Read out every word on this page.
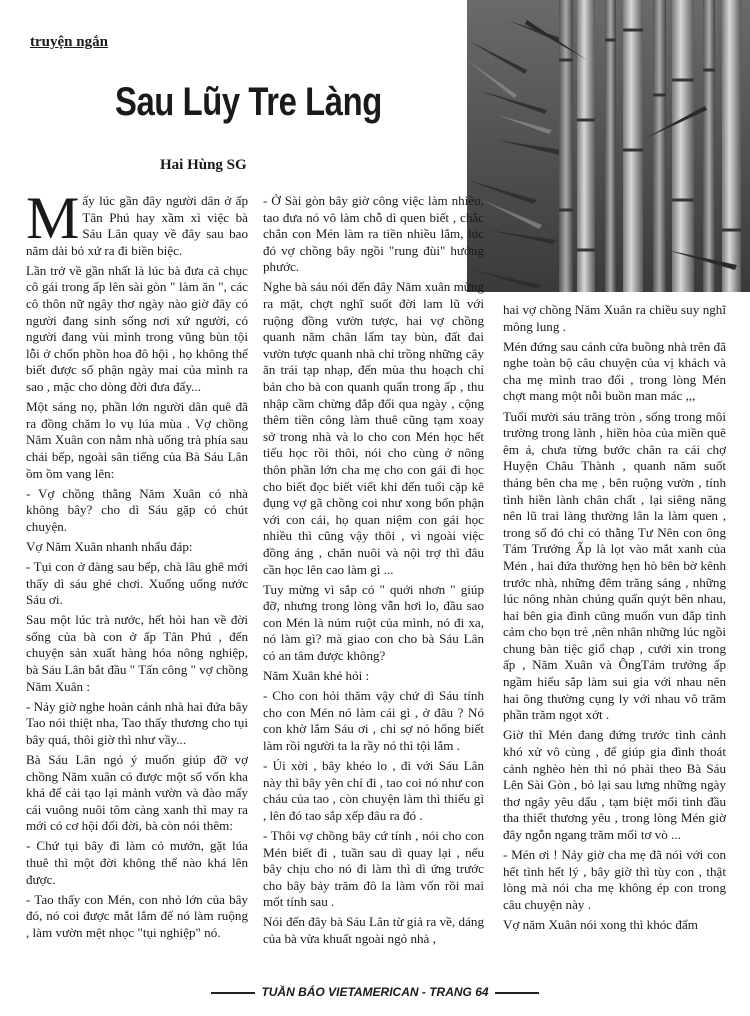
truyện ngắn
Sau Lũy Tre Làng
Hai Hùng SG

Mấy lúc gần đây người dân ở ấp Tân Phú hay xầm xì việc bà Sáu Lân quay về đây sau bao năm dài bỏ xứ ra đi biền biệc.

Lần trở về gần nhất là lúc bà đưa cả chục cô gái trong ấp lên sài gòn " làm ăn ", các cô thôn nữ ngây thơ ngày nào giờ đây có người đang sinh sống nơi xứ người, có người đang vùi mình trong vũng bùn tội lỗi ở chốn phồn hoa đô hội , họ không thể biết được số phận ngày mai của mình ra sao , mặc cho dòng đời đưa đẩy...

Một sáng nọ, phần lớn người dân quê đã ra đồng chăm lo vụ lúa mùa . Vợ chồng Năm Xuân con nằm nhà uống trà phía sau chái bếp, ngoài sân tiếng của Bà Sáu Lân ồm ồm vang lên:

- Vợ chồng thằng Năm Xuân có nhà không bây? cho dì Sáu gặp có chút chuyện.

Vợ Năm Xuân nhanh nhẩu đáp:

- Tụi con ở đàng sau bếp, chà lâu ghê mới thấy dì sáu ghé chơi. Xuống uống nước Sáu ơi.

Sau một lúc trà nước, hết hỏi han về đời sống của bà con ở ấp Tân Phú , đến chuyện sản xuất hàng hóa nông nghiệp, bà Sáu Lân bắt đầu " Tấn công " vợ chồng Năm Xuân :

- Nảy giờ nghe hoàn cảnh nhà hai đứa bây Tao nói thiệt nha, Tao thấy thương cho tụi bây quá, thôi giờ thì như vầy...

Bà Sáu Lân ngỏ ý muốn giúp đỡ vợ chồng Năm xuân có được một số vốn kha khá để cải tạo lại mảnh vườn và đào mấy cái vuông nuôi tôm càng xanh thì may ra mới có cơ hội đổi đời, bà còn nói thêm:

- Chứ tụi bây đi làm cỏ mướn, gặt lúa thuê thì một đời không thể nào khá lên được.

- Tao thấy con Mén, con nhỏ lớn của bây đó, nó coi được mắt lắm để nó làm ruộng , làm vườn mệt nhọc "tụi nghiệp" nó.

- Ở Sài gòn bây giờ công việc làm nhiều, tao đưa nó vô làm chỗ dì quen biết , chắc chắn con Mén làm ra tiền nhiều lắm, lúc đó vợ chồng bây ngồi "rung đùi" hưởng phước.

Nghe bà sáu nói đến đây Năm xuân mừng ra mặt, chợt nghĩ suốt đời lam lũ với ruộng đồng vườn tược, hai vợ chồng quanh năm chân lấm tay bùn, đất đai vườn tược quanh nhà chỉ trồng những cây ăn trái tạp nhạp, đến mùa thu hoạch chỉ bán cho bà con quanh quẩn trong ấp , thu nhập cầm chừng đắp đổi qua ngày , cộng thêm tiền công làm thuê cũng tạm xoay sở trong nhà và lo cho con Mén học hết tiểu học rồi thôi, nói cho cùng ở nông thôn phần lớn cha mẹ cho con gái đi học cho biết đọc biết viết khi đến tuổi cặp kê đụng vợ gã chồng coi như xong bổn phận với con cái, họ quan niệm con gái học nhiều thì cũng vậy thôi , vì ngoài việc đồng áng , chăn nuôi và nội trợ thì đâu cần học lên cao làm gì ...

Tuy mừng vì sắp có " quới nhơn " giúp đỡ, nhưng trong lòng vẫn hơi lo, đầu sao con Mén là núm ruột của mình, nó đi xa, nó làm gì? mà giao con cho bà Sáu Lân có an tâm được không?

Năm Xuân khẻ hỏi :

- Cho con hỏi thăm vậy chứ dì Sáu tính cho con Mén nó làm cái gì , ở đâu ? Nó con khờ lắm Sáu ơi , chỉ sợ nó hổng biết làm rồi người ta la rầy nó thì tội lắm .

- Úi xời , bây khéo lo , đi với Sáu Lân này thì bây yên chí đi , tao coi nó như con cháu của tao , còn chuyện làm thì thiếu gì , lên đó tao sắp xếp đâu ra đó .

- Thôi vợ chồng bây cứ tính , nói cho con Mén biết đi , tuần sau dì quay lại , nếu bây chịu cho nó đi làm thì dì ứng trước cho bây bảy trăm đô la làm vốn rồi mai mốt tính sau .

Nói đến đây bà Sáu Lân từ giả ra về, dáng của bà vừa khuất ngoài ngỏ nhà ,

hai vợ chồng Năm Xuân ra chiều suy nghĩ mông lung .

Mén đứng sau cánh cửa buồng nhà trên đã nghe toàn bộ câu chuyện của vị khách và cha mẹ mình trao đổi , trong lòng Mén chợt mang một nỗi buồn man mác ,,,

Tuổi mười sáu trăng tròn , sống trong môi trường trong lành , hiền hòa của miền quê êm ả, chưa từng bước chân ra cái chợ Huyện Châu Thành , quanh năm suốt tháng bên cha mẹ , bên ruộng vườn , tính tình hiền lành chân chất , lại siêng năng nên lũ trai làng thường lân la làm quen , trong số đó chỉ có thằng Tư Nên con ông Tám Trưởng Ấp là lọt vào mắt xanh của Mén , hai đứa thường hẹn hò bên bờ kênh trước nhà, những đêm trăng sáng , những lúc nông nhàn chúng quấn quýt bên nhau, hai bên gia đình cũng muốn vun đắp tình cảm cho bọn trẻ ,nên nhân những lúc ngồi chung bàn tiệc giổ chạp , cưới xin trong ấp , Năm Xuân và ÔngTám trưởng ấp ngầm hiểu sắp làm sui gia với nhau nên hai ông thường cụng ly với nhau vô trăm phần trăm ngọt xớt .

Giờ thì Mén đang đứng trước tình cảnh khó xử vô cùng , để giúp gia đình thoát cảnh nghèo hèn thì nó phải theo Bà Sáu Lên Sài Gòn , bỏ lại sau lưng những ngày thơ ngây yêu dấu , tạm biệt mối tình đầu tha thiết thương yêu , trong lòng Mén giờ đây ngỗn ngang trăm mối tơ vò ...

- Mén ơi ! Nảy giờ cha mẹ đã nói với con hết tình hết lý , bây giờ thì tùy con , thật lòng mà nói cha mẹ không ép con trong câu chuyện này .

Vợ năm Xuân nói xong thì khóc đẩm

TUẦN BÁO VIETAMERICAN - TRANG 64
